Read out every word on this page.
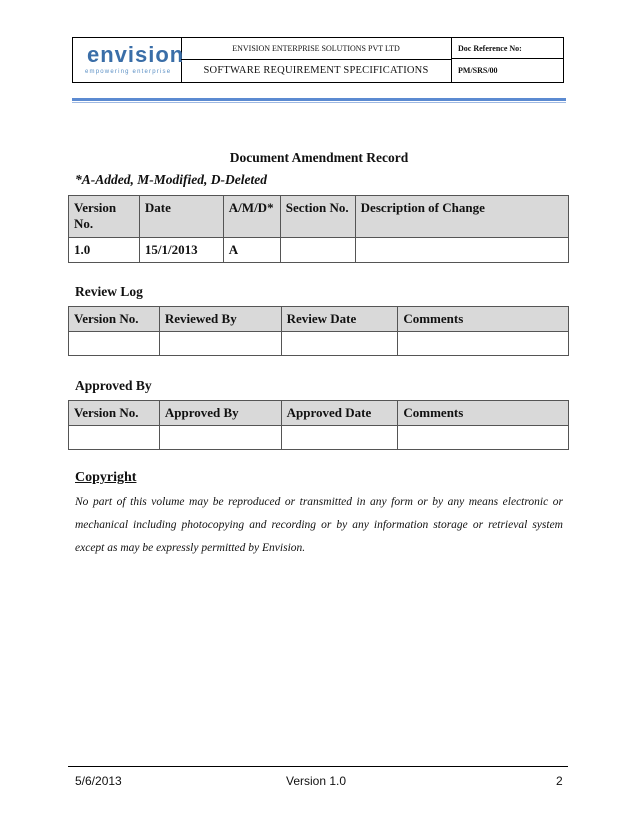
envision
empowering enterprise
ENVISION ENTERPRISE SOLUTIONS PVT LTD
SOFTWARE REQUIREMENT SPECIFICATIONS
Doc Reference No:
PM/SRS/00
Document Amendment Record
*A-Added, M-Modified, D-Deleted
Version No.	Date	A/M/D*	Section No.	Description of Change
1.0	15/1/2013	A		
Review Log
Version No.	Reviewed By	Review Date	Comments

Approved By
Version No.	Approved By	Approved Date	Comments

Copyright
No part of this volume may be reproduced or transmitted in any form or by any means electronic or mechanical including photocopying and recording or by any information storage or retrieval system except as may be expressly permitted by Envision.
5/6/2013	Version 1.0	2
